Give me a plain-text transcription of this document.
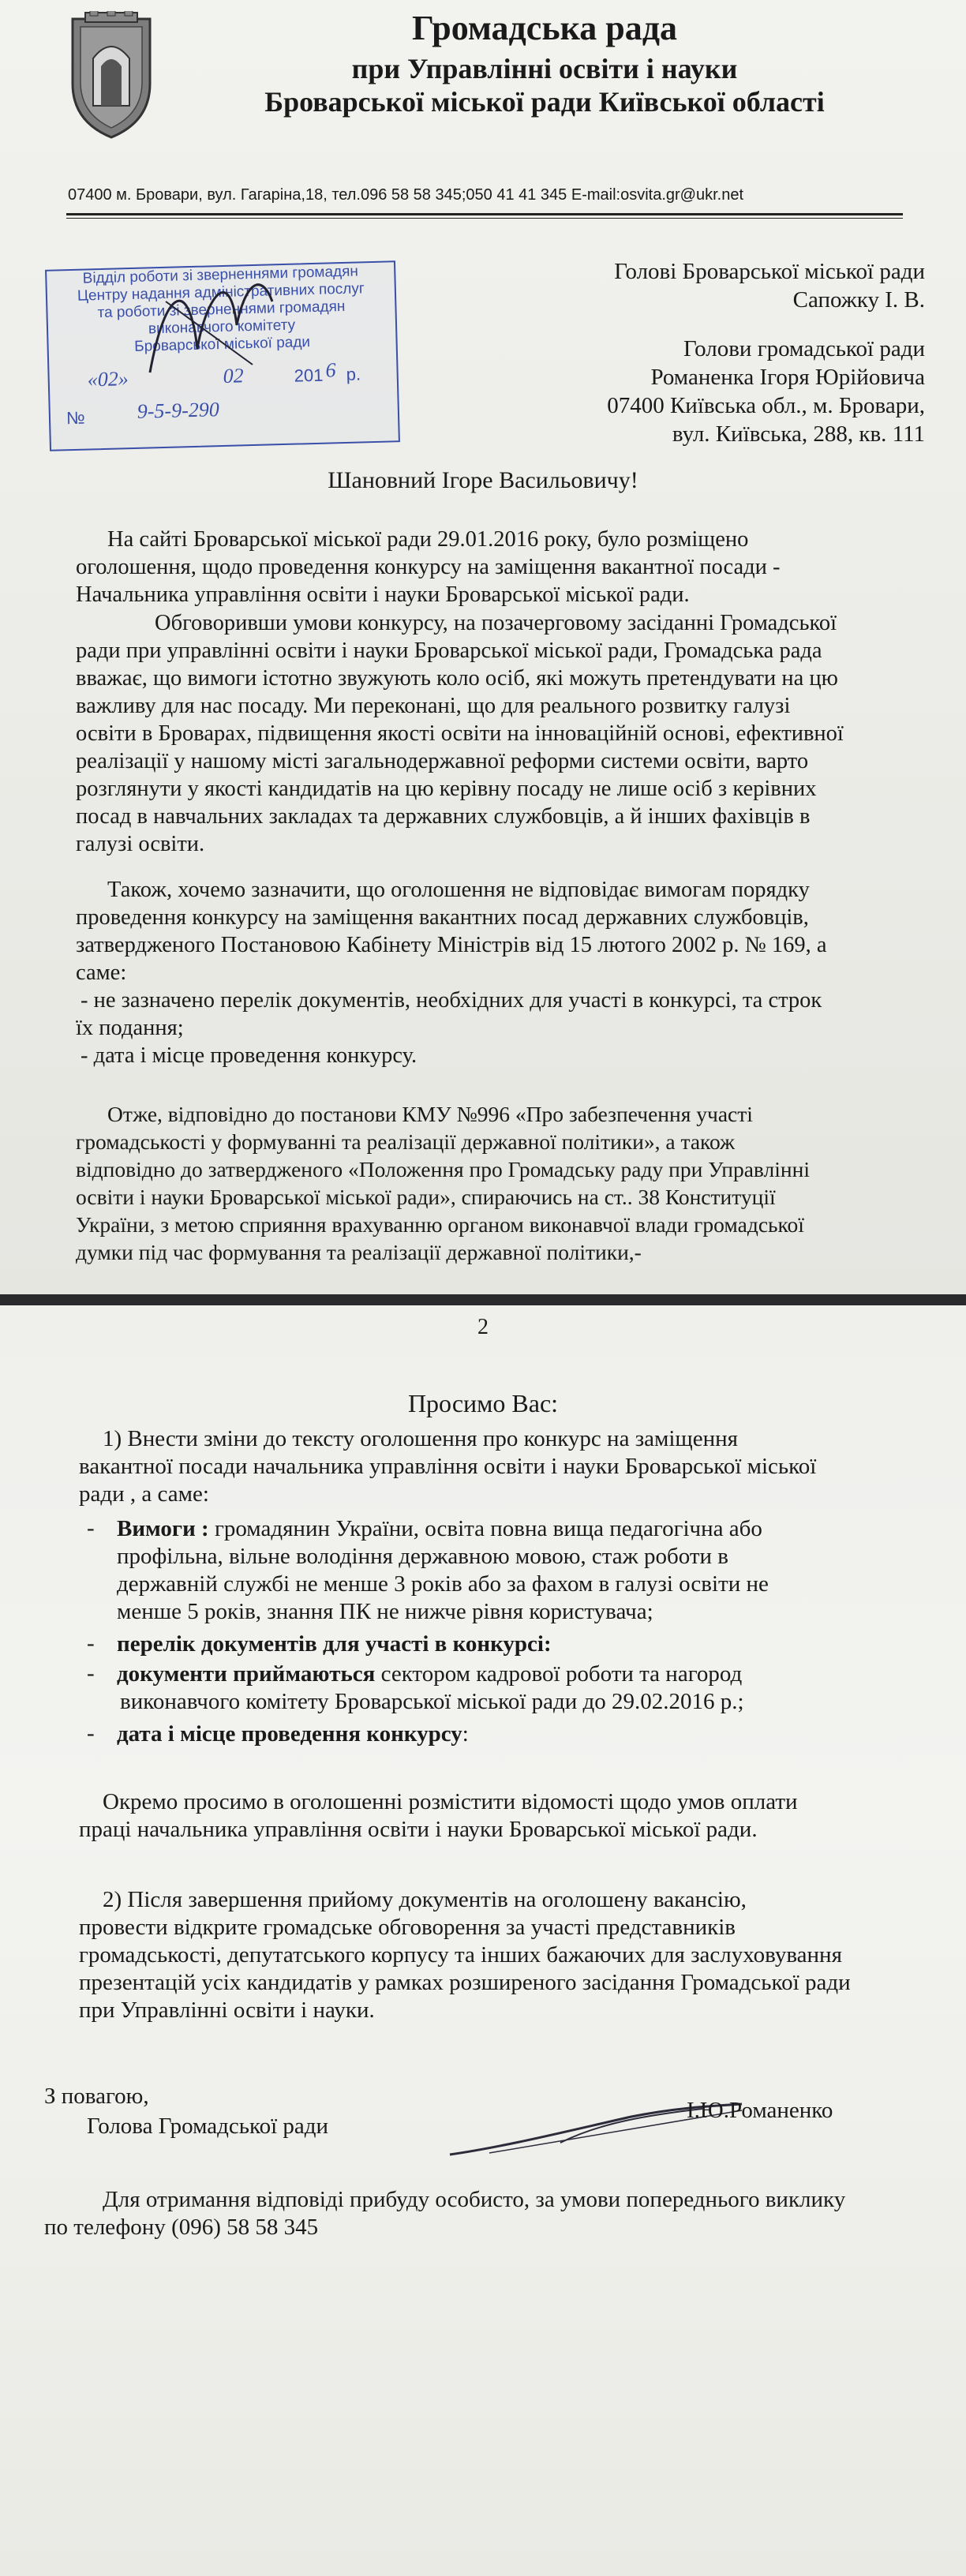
Громадська рада
при Управлінні освіти і науки
Броварської міської ради Київської області
07400 м. Бровари, вул. Гагаріна,18, тел.096 58 58 345;050 41 41 345 E-mail:osvita.gr@ukr.net
Відділ роботи зі зверненнями громадян
Центру надання адміністративних послуг
та роботи зі зверненнями громадян
виконавчого комітету
Броварської міської ради
«02»	02	201 6 р.
№	9-5-9-290
Голові Броварської міської ради
Сапожку І. В.
Голови громадської ради
Романенка Ігоря Юрійовича
07400 Київська обл., м. Бровари,
вул. Київська, 288, кв. 111
Шановний Ігоре Васильовичу!
На сайті Броварської міської ради 29.01.2016 року, було розміщено
оголошення, щодо проведення конкурсу на заміщення вакантної посади -
Начальника управління освіти і науки Броварської міської ради.
Обговоривши умови конкурсу, на позачерговому засіданні Громадської
ради при управлінні освіти і науки Броварської міської ради, Громадська рада
вважає, що вимоги істотно звужують коло осіб, які можуть претендувати на цю
важливу для нас посаду. Ми переконані, що для реального розвитку галузі
освіти в Броварах, підвищення якості освіти на інноваційній основі, ефективної
реалізації у нашому місті загальнодержавної реформи системи освіти, варто
розглянути у якості кандидатів на цю керівну посаду не лише осіб з керівних
посад в навчальних закладах та державних службовців, а й інших фахівців в
галузі освіти.
Також, хочемо зазначити, що оголошення не відповідає вимогам порядку
проведення конкурсу на заміщення вакантних посад державних службовців,
затвердженого Постановою Кабінету Міністрів від 15 лютого 2002 р. № 169, а
саме:
- не зазначено перелік документів, необхідних для участі в конкурсі, та строк
їх подання;
- дата і місце проведення конкурсу.
Отже, відповідно до постанови КМУ №996 «Про забезпечення участі
громадськості у формуванні та реалізації державної політики», а також
відповідно до затвердженого «Положення про Громадську раду при Управлінні
освіти і науки Броварської міської ради», спираючись на ст.. 38 Конституції
України, з метою сприяння врахуванню органом виконавчої влади громадської
думки під час формування та реалізації державної політики,-
2
Просимо Вас:
1) Внести зміни до тексту оголошення про конкурс на заміщення
вакантної посади начальника управління освіти і науки Броварської міської
ради , а саме:
- Вимоги : громадянин України, освіта повна вища педагогічна або
профільна, вільне володіння державною мовою, стаж роботи в
державній службі не менше 3 років або за фахом в галузі освіти не
менше 5 років, знання ПК не нижче рівня користувача;
- перелік документів для участі в конкурсі:
- документи приймаються сектором кадрової роботи та нагород
виконавчого комітету Броварської міської ради до 29.02.2016 р.;
- дата і місце проведення конкурсу:
Окремо просимо в оголошенні розмістити відомості щодо умов оплати
праці начальника управління освіти і науки Броварської міської ради.
2) Після завершення прийому документів на оголошену вакансію,
провести відкрите громадське обговорення за участі представників
громадськості, депутатського корпусу та інших бажаючих для заслуховування
презентацій усіх кандидатів у рамках розширеного засідання Громадської ради
при Управлінні освіти і науки.
З повагою,
Голова Громадської ради
І.Ю.Романенко
Для отримання відповіді прибуду особисто, за умови попереднього виклику
по телефону (096) 58 58 345
